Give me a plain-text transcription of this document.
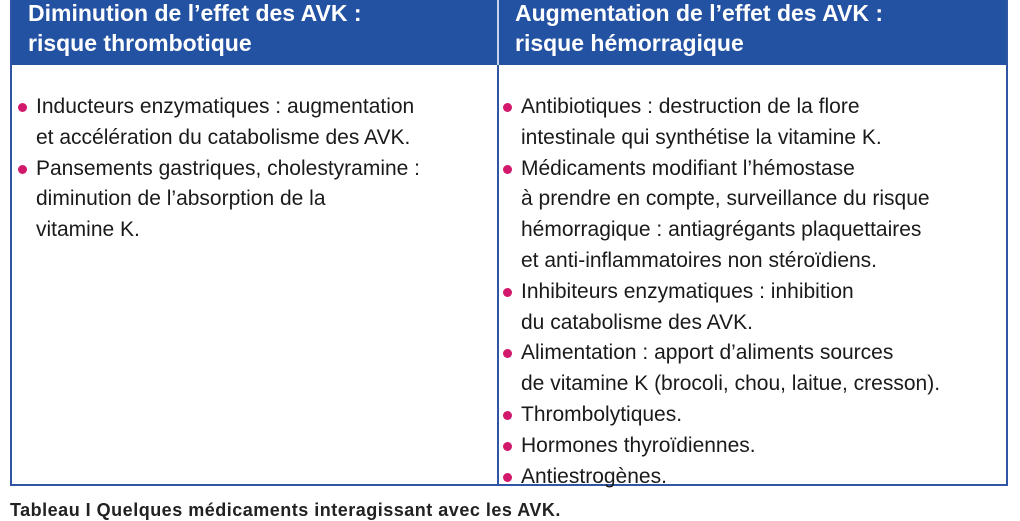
Diminution de l’effet des AVK :
risque thrombotique
Augmentation de l’effet des AVK :
risque hémorragique
Inducteurs enzymatiques : augmentation
et accélération du catabolisme des AVK.
Pansements gastriques, cholestyramine :
diminution de l’absorption de la
vitamine K.
Antibiotiques : destruction de la flore
intestinale qui synthétise la vitamine K.
Médicaments modifiant l’hémostase
à prendre en compte, surveillance du risque
hémorragique : antiagrégants plaquettaires
et anti-inflammatoires non stéroïdiens.
Inhibiteurs enzymatiques : inhibition
du catabolisme des AVK.
Alimentation : apport d’aliments sources
de vitamine K (brocoli, chou, laitue, cresson).
Thrombolytiques.
Hormones thyroïdiennes.
Antiestrogènes.
Tableau I Quelques médicaments interagissant avec les AVK.
